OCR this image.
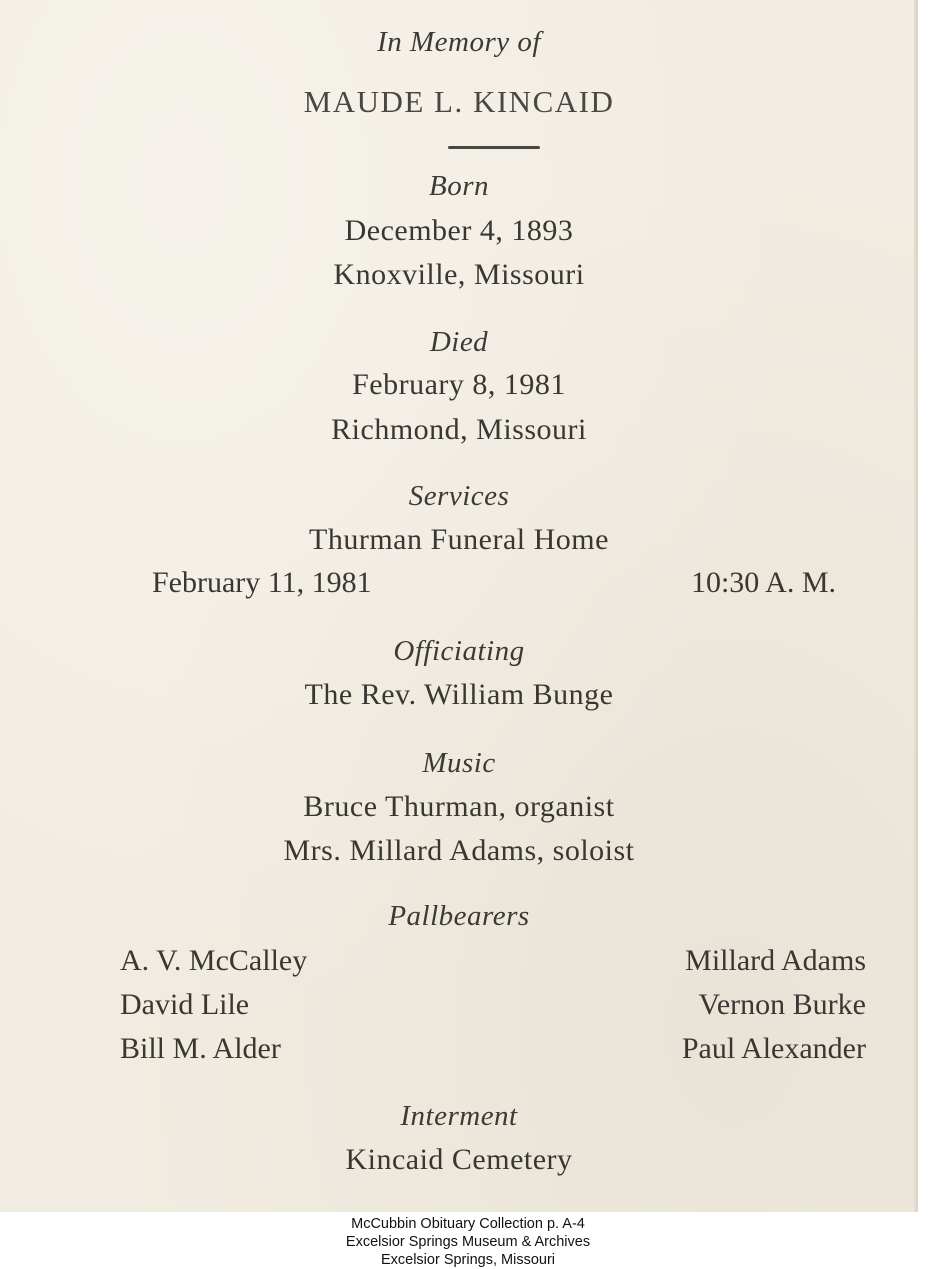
In Memory of
MAUDE L. KINCAID
Born
December 4, 1893
Knoxville, Missouri
Died
February 8, 1981
Richmond, Missouri
Services
Thurman Funeral Home
February 11, 1981	10:30 A. M.
Officiating
The Rev. William Bunge
Music
Bruce Thurman, organist
Mrs. Millard Adams, soloist
Pallbearers
A. V. McCalley
David Lile
Bill M. Alder
Millard Adams
Vernon Burke
Paul Alexander
Interment
Kincaid Cemetery
McCubbin Obituary Collection p. A-4
Excelsior Springs Museum & Archives
Excelsior Springs, Missouri
